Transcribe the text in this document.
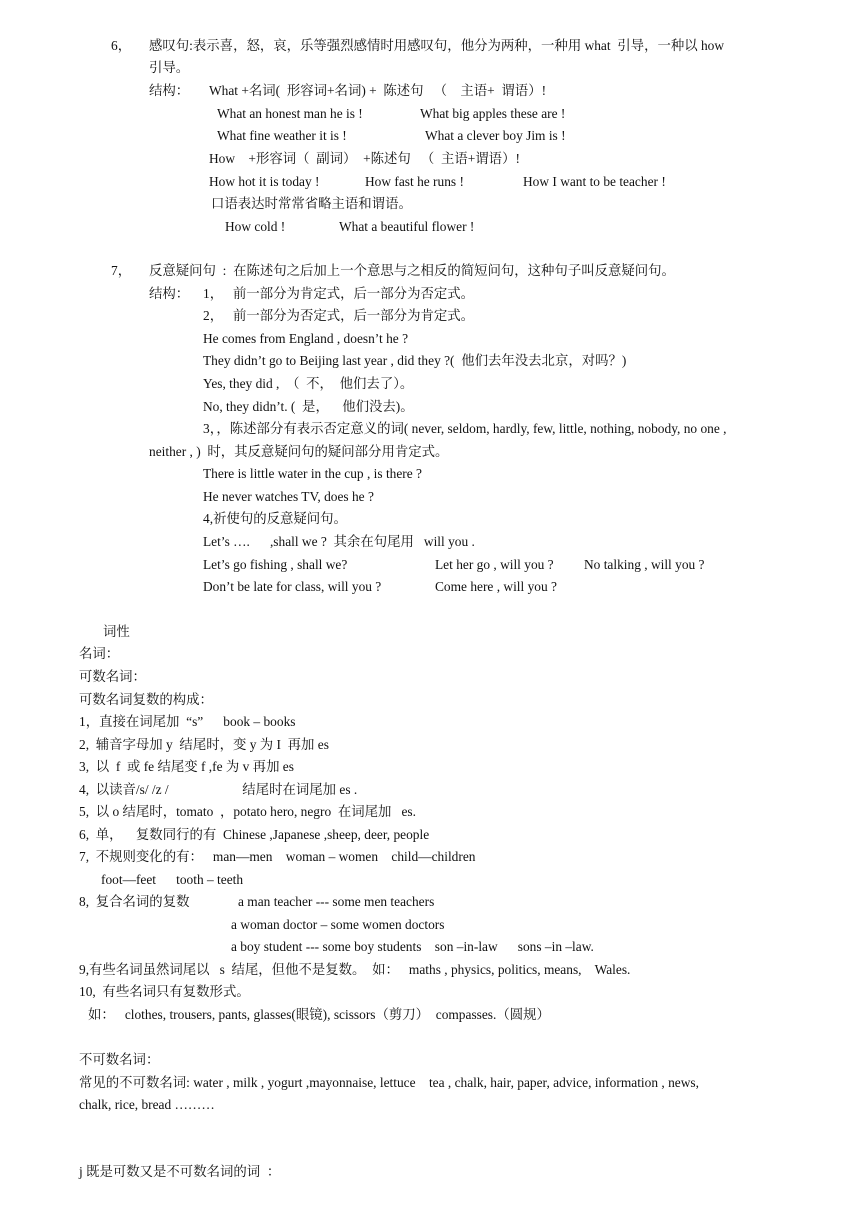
6， 感叹句:表示喜，怒，哀，乐等强烈感情时用感叹句，他分为两种，一种用 what  引导，一种以 how
引导。
结构： What +名词(  形容词+名词) +  陈述句   （    主语+  谓语）!
What an honest man he is !	What big apples these are !
What fine weather it is !	What a clever boy Jim is !
How    +形容词（  副词）  +陈述句   （  主语+谓语）!
How hot it is today !	How fast he runs !	How I want to be teacher !
口语表达时常常省略主语和谓语。
How cold !	What a beautiful flower !
7， 反意疑问句  :  在陈述句之后加上一个意思与之相反的简短问句，这种句子叫反意疑问句。
结构： 1， 前一部分为肯定式，后一部分为否定式。
2， 前一部分为否定式，后一部分为肯定式。
He comes from England , doesn’t he ?
They didn’t go to Beijing last year , did they ?(  他们去年没去北京，对吗？)
Yes, they did ,  （  不，  他们去了）。
No, they didn’t. (  是，    他们没去)。
3，，陈述部分有表示否定意义的词( never, seldom, hardly, few, little, nothing, nobody, no one ,
neither , )  时，其反意疑问句的疑问部分用肯定式。
There is little water in the cup , is there ?
He never watches TV, does he ?
4,祈使句的反意疑问句。
Let’s ….      ,shall we ?  其余在句尾用   will you .
Let’s go fishing , shall we?	Let her go , will you ? No talking , will you ?
Don’t be late for class, will you ?	Come here , will you ?
词性
名词：
可数名词：
可数名词复数的构成：
1，直接在词尾加  “s”      book – books
2,  辅音字母加 y  结尾时，变 y 为 I  再加 es
3,  以  f  或 fe 结尾变 f ,fe 为 v 再加 es
4,  以读音/s/ /z /                      结尾时在词尾加 es .
5,  以 o 结尾时，tomato  ，potato hero, negro  在词尾加   es.
6,  单，    复数同行的有  Chinese ,Japanese ,sheep, deer, people
7,  不规则变化的有：   man—men    woman – women    child—children
foot—feet      tooth – teeth
8,  复合名词的复数	a man teacher --- some men teachers
a woman doctor – some women doctors
a boy student --- some boy students    son –in-law      sons –in –law.
9,有些名词虽然词尾以   s  结尾，但他不是复数。  如：   maths , physics, politics, means,    Wales.
10,  有些名词只有复数形式。
如：   clothes, trousers, pants, glasses(眼镜), scissors（剪刀）  compasses.（圆规）
不可数名词：
常见的不可数名词: water , milk , yogurt ,mayonnaise, lettuce    tea , chalk, hair, paper, advice, information , news,
chalk, rice, bread ………
j 既是可数又是不可数名词的词  ：
